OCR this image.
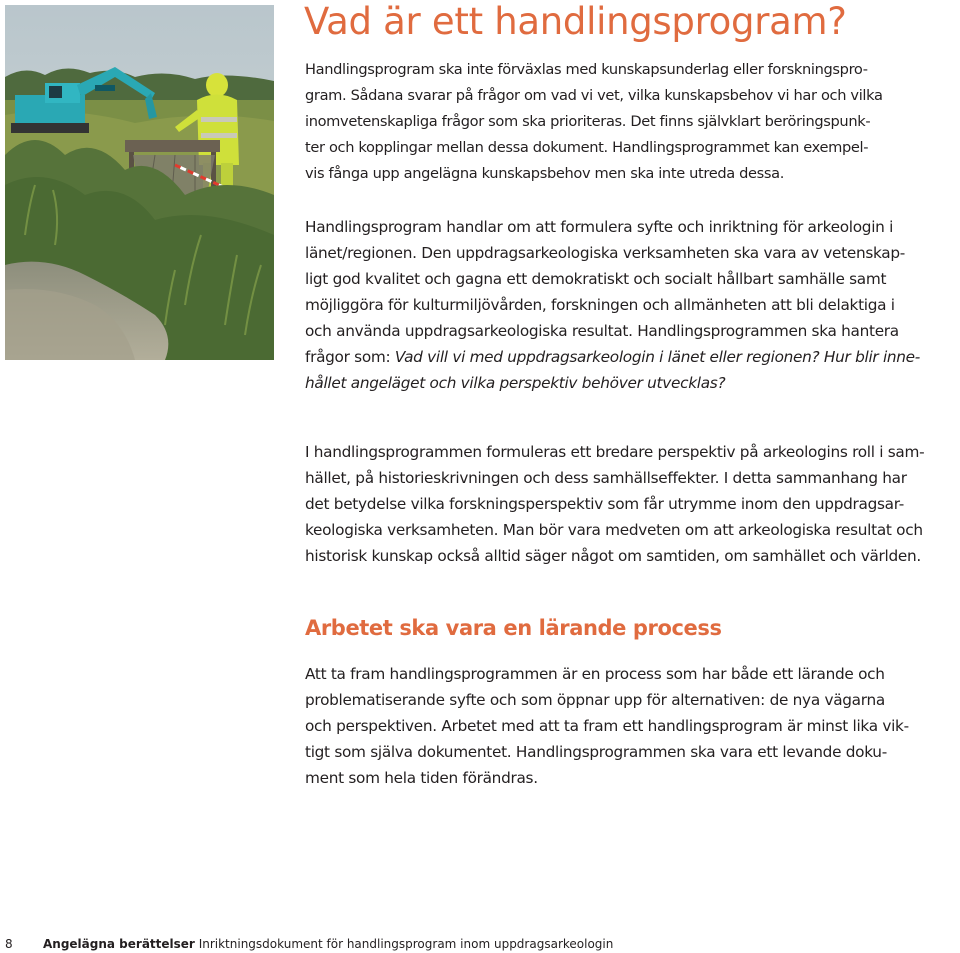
Vad är ett handlingsprogram?

Handlingsprogram ska inte förväxlas med kunskapsunderlag eller forskningspro-
gram. Sådana svarar på frågor om vad vi vet, vilka kunskapsbehov vi har och vilka
inomvetenskapliga frågor som ska prioriteras. Det finns självklart beröringspunk-
ter och kopplingar mellan dessa dokument. Handlingsprogrammet kan exempel-
vis fånga upp angelägna kunskapsbehov men ska inte utreda dessa.

Handlingsprogram handlar om att formulera syfte och inriktning för arkeologin i
länet/regionen. Den uppdragsarkeologiska verksamheten ska vara av vetenskap-
ligt god kvalitet och gagna ett demokratiskt och socialt hållbart samhälle samt
möjliggöra för kulturmiljövården, forskningen och allmänheten att bli delaktiga i
och använda uppdragsarkeologiska resultat. Handlingsprogrammen ska hantera
frågor som: Vad vill vi med uppdragsarkeologin i länet eller regionen? Hur blir inne-
hållet angeläget och vilka perspektiv behöver utvecklas?

I handlingsprogrammen formuleras ett bredare perspektiv på arkeologins roll i sam-
hället, på historieskrivningen och dess samhällseffekter. I detta sammanhang har
det betydelse vilka forskningsperspektiv som får utrymme inom den uppdragsar-
keologiska verksamheten. Man bör vara medveten om att arkeologiska resultat och
historisk kunskap också alltid säger något om samtiden, om samhället och världen.

Arbetet ska vara en lärande process

Att ta fram handlingsprogrammen är en process som har både ett lärande och
problematiserande syfte och som öppnar upp för alternativen: de nya vägarna
och perspektiven. Arbetet med att ta fram ett handlingsprogram är minst lika vik-
tigt som själva dokumentet. Handlingsprogrammen ska vara ett levande doku-
ment som hela tiden förändras.

8	Angelägna berättelser Inriktningsdokument för handlingsprogram inom uppdragsarkeologin
